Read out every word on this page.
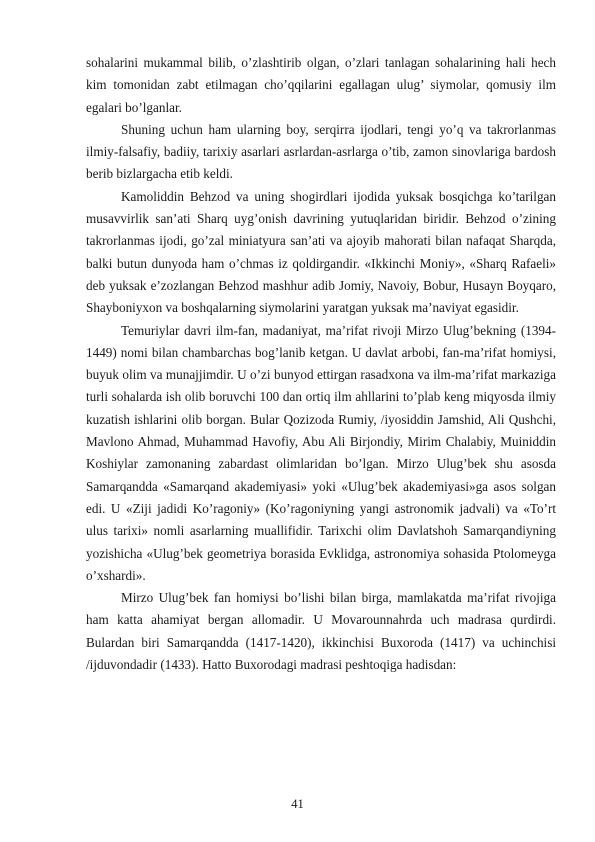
sohalarini mukammal bilib, o’zlashtirib olgan, o’zlari tanlagan sohalarining hali hech kim tomonidan zabt etilmagan cho’qqilarini egallagan ulug’ siymolar, qomusiy ilm egalari bo’lganlar.

Shuning uchun ham ularning boy, serqirra ijodlari, tengi yo’q va takrorlanmas ilmiy-falsafiy, badiiy, tarixiy asarlari asrlardan-asrlarga o’tib, zamon sinovlariga bardosh berib bizlargacha etib keldi.

Kamoliddin Behzod va uning shogirdlari ijodida yuksak bosqichga ko’tarilgan musavvirlik san’ati Sharq uyg’onish davrining yutuqlaridan biridir. Behzod o’zining takrorlanmas ijodi, go’zal miniatyura san’ati va ajoyib mahorati bilan nafaqat Sharqda, balki butun dunyoda ham o’chmas iz qoldirgandir. «Ikkinchi Moniy», «Sharq Rafaeli» deb yuksak e’zozlangan Behzod mashhur adib Jomiy, Navoiy, Bobur, Husayn Boyqaro, Shayboniyxon va boshqalarning siymolarini yaratgan yuksak ma’naviyat egasidir.

Temuriylar davri ilm-fan, madaniyat, ma’rifat rivoji Mirzo Ulug’bekning (1394-1449) nomi bilan chambarchas bog’lanib ketgan. U davlat arbobi, fan-ma’rifat homiysi, buyuk olim va munajjimdir. U o’zi bunyod ettirgan rasadxona va ilm-ma’rifat markaziga turli sohalarda ish olib boruvchi 100 dan ortiq ilm ahllarini to’plab keng miqyosda ilmiy kuzatish ishlarini olib borgan. Bular Qozizoda Rumiy, /iyosiddin Jamshid, Ali Qushchi, Mavlono Ahmad, Muhammad Havofiy, Abu Ali Birjondiy, Mirim Chalabiy, Muiniddin Koshiylar zamonaning zabardast olimlaridan bo’lgan. Mirzo Ulug’bek shu asosda Samarqandda «Samarqand akademiyasi» yoki «Ulug’bek akademiyasi»ga asos solgan edi. U «Ziji jadidi Ko’ragoniy» (Ko’ragoniyning yangi astronomik jadvali) va «To’rt ulus tarixi» nomli asarlarning muallifidir. Tarixchi olim Davlatshoh Samarqandiyning yozishicha «Ulug’bek geometriya borasida Evklidga, astronomiya sohasida Ptolomeyga o’xshardi».

Mirzo Ulug’bek fan homiysi bo’lishi bilan birga, mamlakatda ma’rifat rivojiga ham katta ahamiyat bergan allomadir. U Movarounnahrda uch madrasa qurdirdi. Bulardan biri Samarqandda (1417-1420), ikkinchisi Buxoroda (1417) va uchinchisi /ijduvondadir (1433). Hatto Buxorodagi madrasi peshtoqiga hadisdan:

41
